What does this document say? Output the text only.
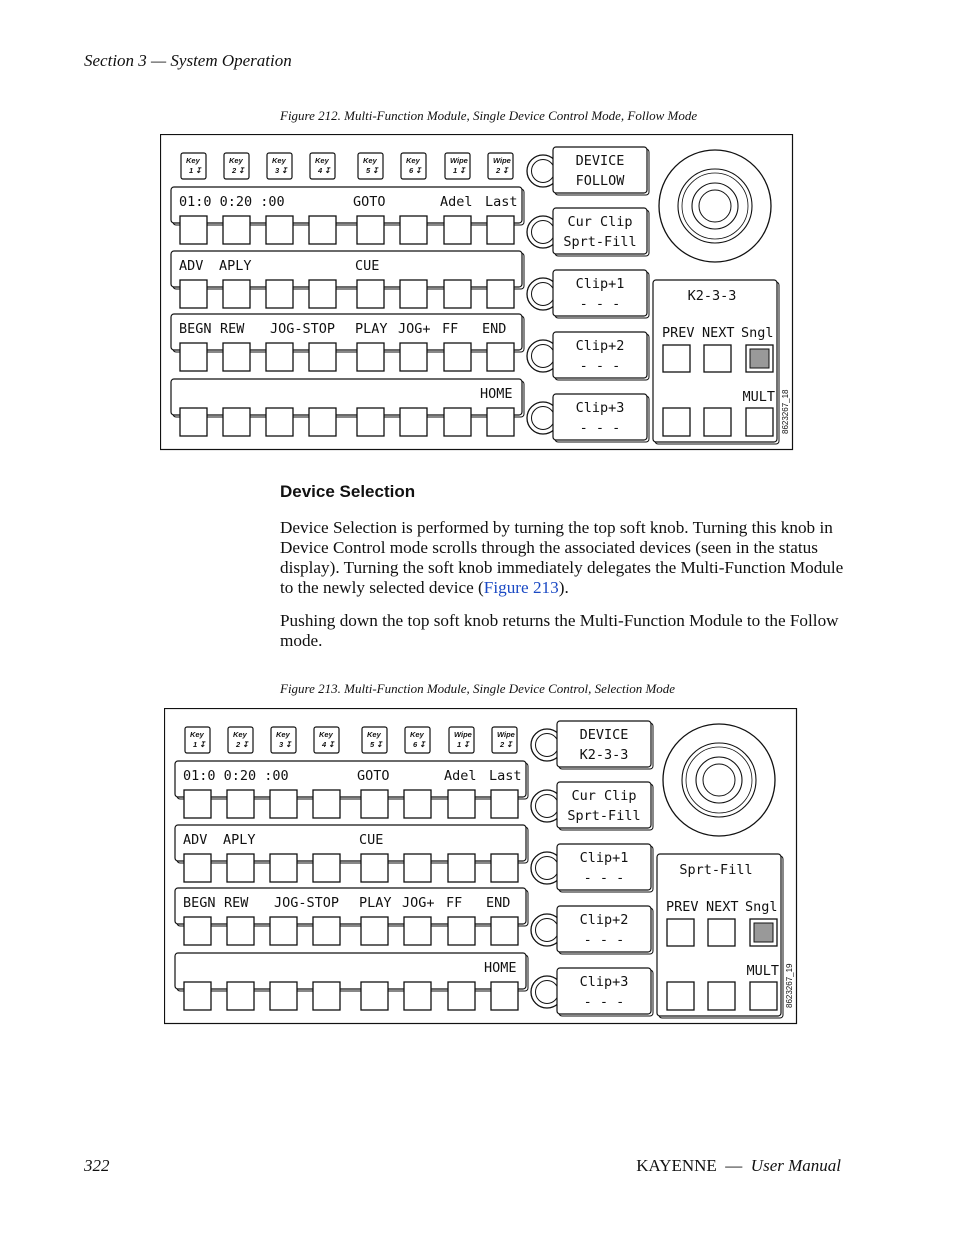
Section 3 — System Operation
Figure 212. Multi-Function Module, Single Device Control Mode, Follow Mode
Key
1 ↧
Key
2 ↧
Key
3 ↧
Key
4 ↧
Key
5 ↧
Key
6 ↧
Wipe
1 ↧
Wipe
2 ↧
01:0 0:20 :00	GOTO	Adel Last
ADV APLY	CUE
BEGN REW JOG-STOP PLAY JOG+ FF END
HOME
DEVICE
FOLLOW
Cur Clip
Sprt-Fill
Clip+1
- - -
Clip+2
- - -
Clip+3
- - -
K2-3-3
PREV NEXT Sngl
MULT 8623267_18
Device Selection
Device Selection is performed by turning the top soft knob. Turning this knob in Device Control mode scrolls through the associated devices (seen in the status display). Turning the soft knob immediately delegates the Multi-Function Module to the newly selected device (Figure 213).
Pushing down the top soft knob returns the Multi-Function Module to the Follow mode.
Figure 213. Multi-Function Module, Single Device Control, Selection Mode
Key
1 ↧
Key
2 ↧
Key
3 ↧
Key
4 ↧
Key
5 ↧
Key
6 ↧
Wipe
1 ↧
Wipe
2 ↧
01:0 0:20 :00	GOTO	Adel Last
ADV APLY	CUE
BEGN REW JOG-STOP PLAY JOG+ FF END
HOME
DEVICE
K2-3-3
Cur Clip
Sprt-Fill
Clip+1
- - -
Clip+2
- - -
Clip+3
- - -
Sprt-Fill
PREV NEXT Sngl
MULT 8623267_19
322	KAYENNE — User Manual
